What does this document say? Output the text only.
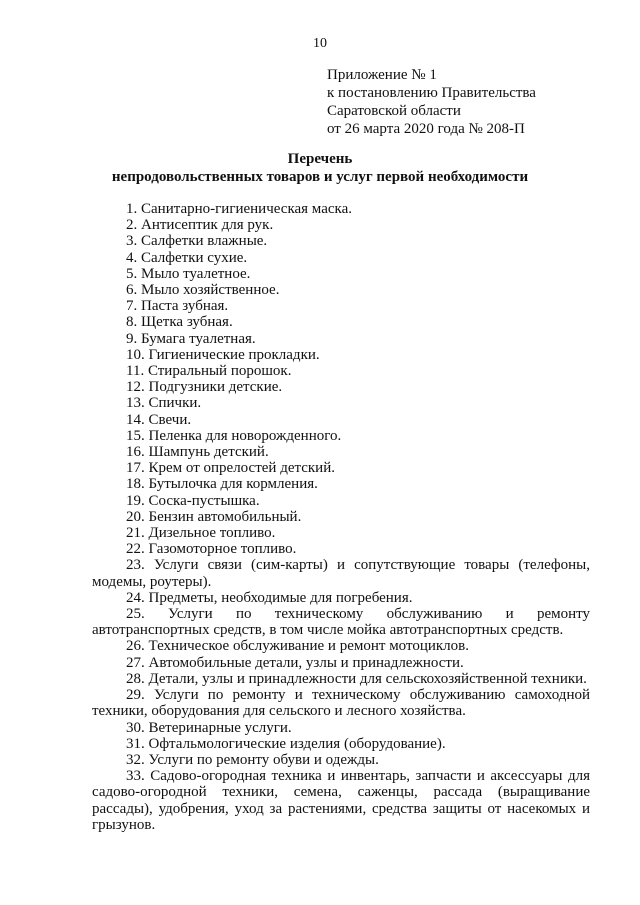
10
Приложение № 1
к постановлению Правительства
Саратовской области
от 26 марта 2020 года № 208-П
Перечень
непродовольственных товаров и услуг первой необходимости
1. Санитарно-гигиеническая маска.
2. Антисептик для рук.
3. Салфетки влажные.
4. Салфетки сухие.
5. Мыло туалетное.
6. Мыло хозяйственное.
7. Паста зубная.
8. Щетка зубная.
9. Бумага туалетная.
10. Гигиенические прокладки.
11. Стиральный порошок.
12. Подгузники детские.
13. Спички.
14. Свечи.
15. Пеленка для новорожденного.
16. Шампунь детский.
17. Крем от опрелостей детский.
18. Бутылочка для кормления.
19. Соска-пустышка.
20. Бензин автомобильный.
21. Дизельное топливо.
22. Газомоторное топливо.
23. Услуги связи (сим-карты) и сопутствующие товары (телефоны, модемы, роутеры).
24. Предметы, необходимые для погребения.
25. Услуги по техническому обслуживанию и ремонту автотранспортных средств, в том числе мойка автотранспортных средств.
26. Техническое обслуживание и ремонт мотоциклов.
27. Автомобильные детали, узлы и принадлежности.
28. Детали, узлы и принадлежности для сельскохозяйственной техники.
29. Услуги по ремонту и техническому обслуживанию самоходной техники, оборудования для сельского и лесного хозяйства.
30. Ветеринарные услуги.
31. Офтальмологические изделия (оборудование).
32. Услуги по ремонту обуви и одежды.
33. Садово-огородная техника и инвентарь, запчасти и аксессуары для садово-огородной техники, семена, саженцы, рассада (выращивание рассады), удобрения, уход за растениями, средства защиты от насекомых и грызунов.
